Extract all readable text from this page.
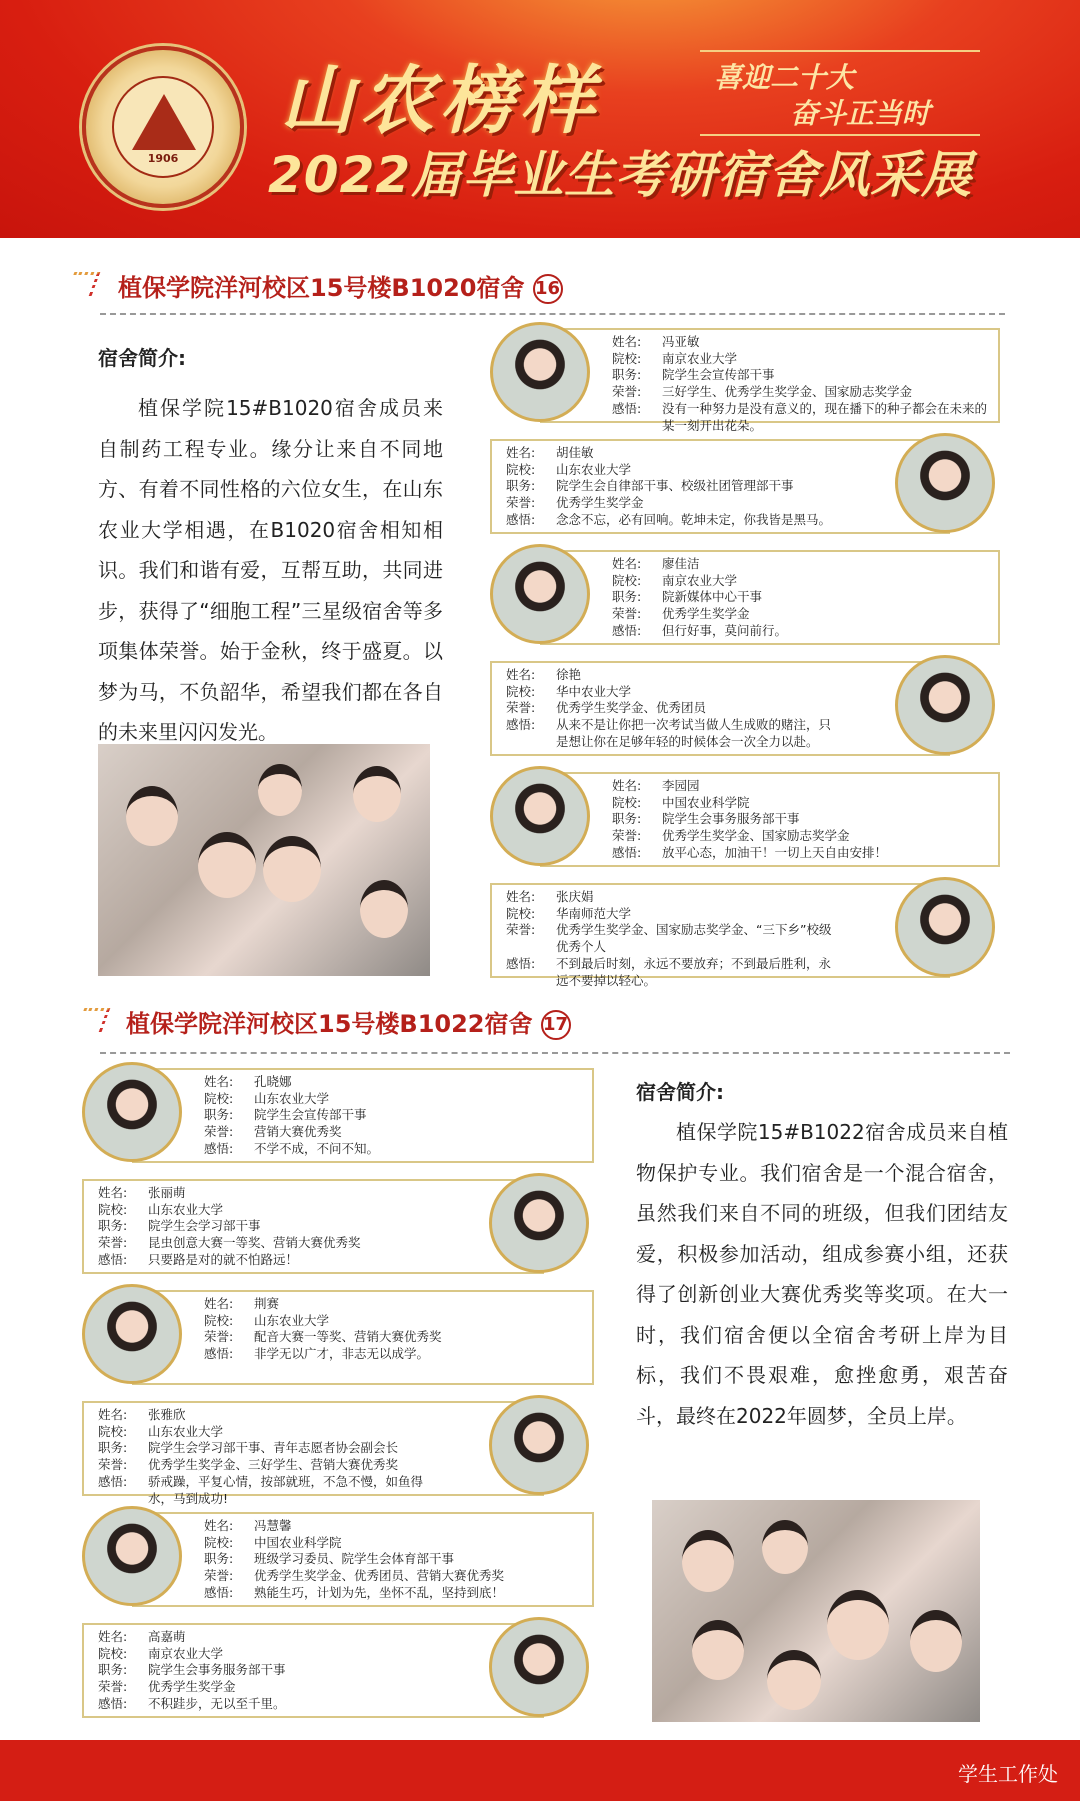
1906
山农榜样	喜迎二十大
奋斗正当时
2022届毕业生考研宿舍风采展
植保学院洋河校区15号楼B1020宿舍 16
宿舍简介:
植保学院15#B1020宿舍成员来自制药工程专业。缘分让来自不同地方、有着不同性格的六位女生，在山东农业大学相遇，在B1020宿舍相知相识。我们和谐有爱，互帮互助，共同进步，获得了“细胞工程”三星级宿舍等多项集体荣誉。始于金秋，终于盛夏。以梦为马，不负韶华，希望我们都在各自的未来里闪闪发光。
姓名:	冯亚敏
院校:	南京农业大学
职务:	院学生会宣传部干事
荣誉:	三好学生、优秀学生奖学金、国家励志奖学金
感悟:	没有一种努力是没有意义的，现在播下的种子都会在未来的某一刻开出花朵。
姓名:	胡佳敏
院校:	山东农业大学
职务:	院学生会自律部干事、校级社团管理部干事
荣誉:	优秀学生奖学金
感悟:	念念不忘，必有回响。乾坤未定，你我皆是黑马。
姓名:	廖佳洁
院校:	南京农业大学
职务:	院新媒体中心干事
荣誉:	优秀学生奖学金
感悟:	但行好事，莫问前行。
姓名:	徐艳
院校:	华中农业大学
荣誉:	优秀学生奖学金、优秀团员
感悟:	从来不是让你把一次考试当做人生成败的赌注，只是想让你在足够年轻的时候体会一次全力以赴。
姓名:	李园园
院校:	中国农业科学院
职务:	院学生会事务服务部干事
荣誉:	优秀学生奖学金、国家励志奖学金
感悟:	放平心态，加油干！一切上天自由安排！
姓名:	张庆娟
院校:	华南师范大学
荣誉:	优秀学生奖学金、国家励志奖学金、“三下乡”校级优秀个人
感悟:	不到最后时刻，永远不要放弃；不到最后胜利，永远不要掉以轻心。
植保学院洋河校区15号楼B1022宿舍 17
宿舍简介:
植保学院15#B1022宿舍成员来自植物保护专业。我们宿舍是一个混合宿舍，虽然我们来自不同的班级，但我们团结友爱，积极参加活动，组成参赛小组，还获得了创新创业大赛优秀奖等奖项。在大一时，我们宿舍便以全宿舍考研上岸为目标，我们不畏艰难，愈挫愈勇，艰苦奋斗，最终在2022年圆梦，全员上岸。
姓名:	孔晓娜
院校:	山东农业大学
职务:	院学生会宣传部干事
荣誉:	营销大赛优秀奖
感悟:	不学不成，不问不知。
姓名:	张丽萌
院校:	山东农业大学
职务:	院学生会学习部干事
荣誉:	昆虫创意大赛一等奖、营销大赛优秀奖
感悟:	只要路是对的就不怕路远！
姓名:	荆赛
院校:	山东农业大学
荣誉:	配音大赛一等奖、营销大赛优秀奖
感悟:	非学无以广才，非志无以成学。
姓名:	张雅欣
院校:	山东农业大学
职务:	院学生会学习部干事、青年志愿者协会副会长
荣誉:	优秀学生奖学金、三好学生、营销大赛优秀奖
感悟:	骄戒躁，平复心情，按部就班，不急不慢，如鱼得水，马到成功!
姓名:	冯慧馨
院校:	中国农业科学院
职务:	班级学习委员、院学生会体育部干事
荣誉:	优秀学生奖学金、优秀团员、营销大赛优秀奖
感悟:	熟能生巧，计划为先，坐怀不乱，坚持到底！
姓名:	高嘉萌
院校:	南京农业大学
职务:	院学生会事务服务部干事
荣誉:	优秀学生奖学金
感悟:	不积跬步，无以至千里。
学生工作处
